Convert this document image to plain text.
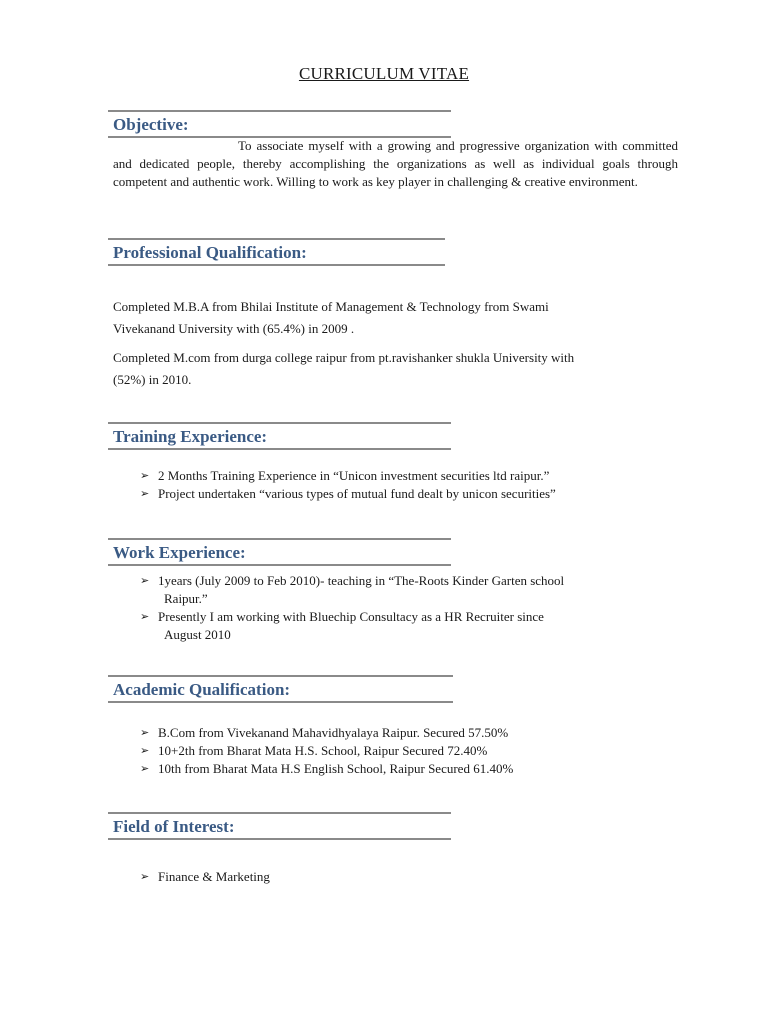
CURRICULUM VITAE
Objective:
To associate myself with a growing and progressive organization with committed and dedicated people, thereby accomplishing the organizations as well as individual goals through competent and authentic work. Willing to work as key player in challenging & creative environment.
Professional Qualification:
Completed M.B.A from Bhilai Institute of Management & Technology from Swami
Vivekanand University with (65.4%) in 2009 .
Completed M.com from durga college raipur from pt.ravishanker shukla University with
(52%) in 2010.
Training Experience:
➢ 2 Months Training Experience in “Unicon investment securities ltd raipur.”
➢ Project undertaken “various types of mutual fund dealt by unicon securities”
Work Experience:
➢ 1years (July 2009 to Feb 2010)- teaching in “The-Roots Kinder Garten school
Raipur.”
➢ Presently I am working with Bluechip Consultacy as a HR Recruiter since
August 2010
Academic Qualification:
➢ B.Com from Vivekanand Mahavidhyalaya Raipur. Secured 57.50%
➢ 10+2th from Bharat Mata H.S. School, Raipur Secured 72.40%
➢ 10th from Bharat Mata H.S English School, Raipur Secured 61.40%
Field of Interest:
➢ Finance & Marketing
